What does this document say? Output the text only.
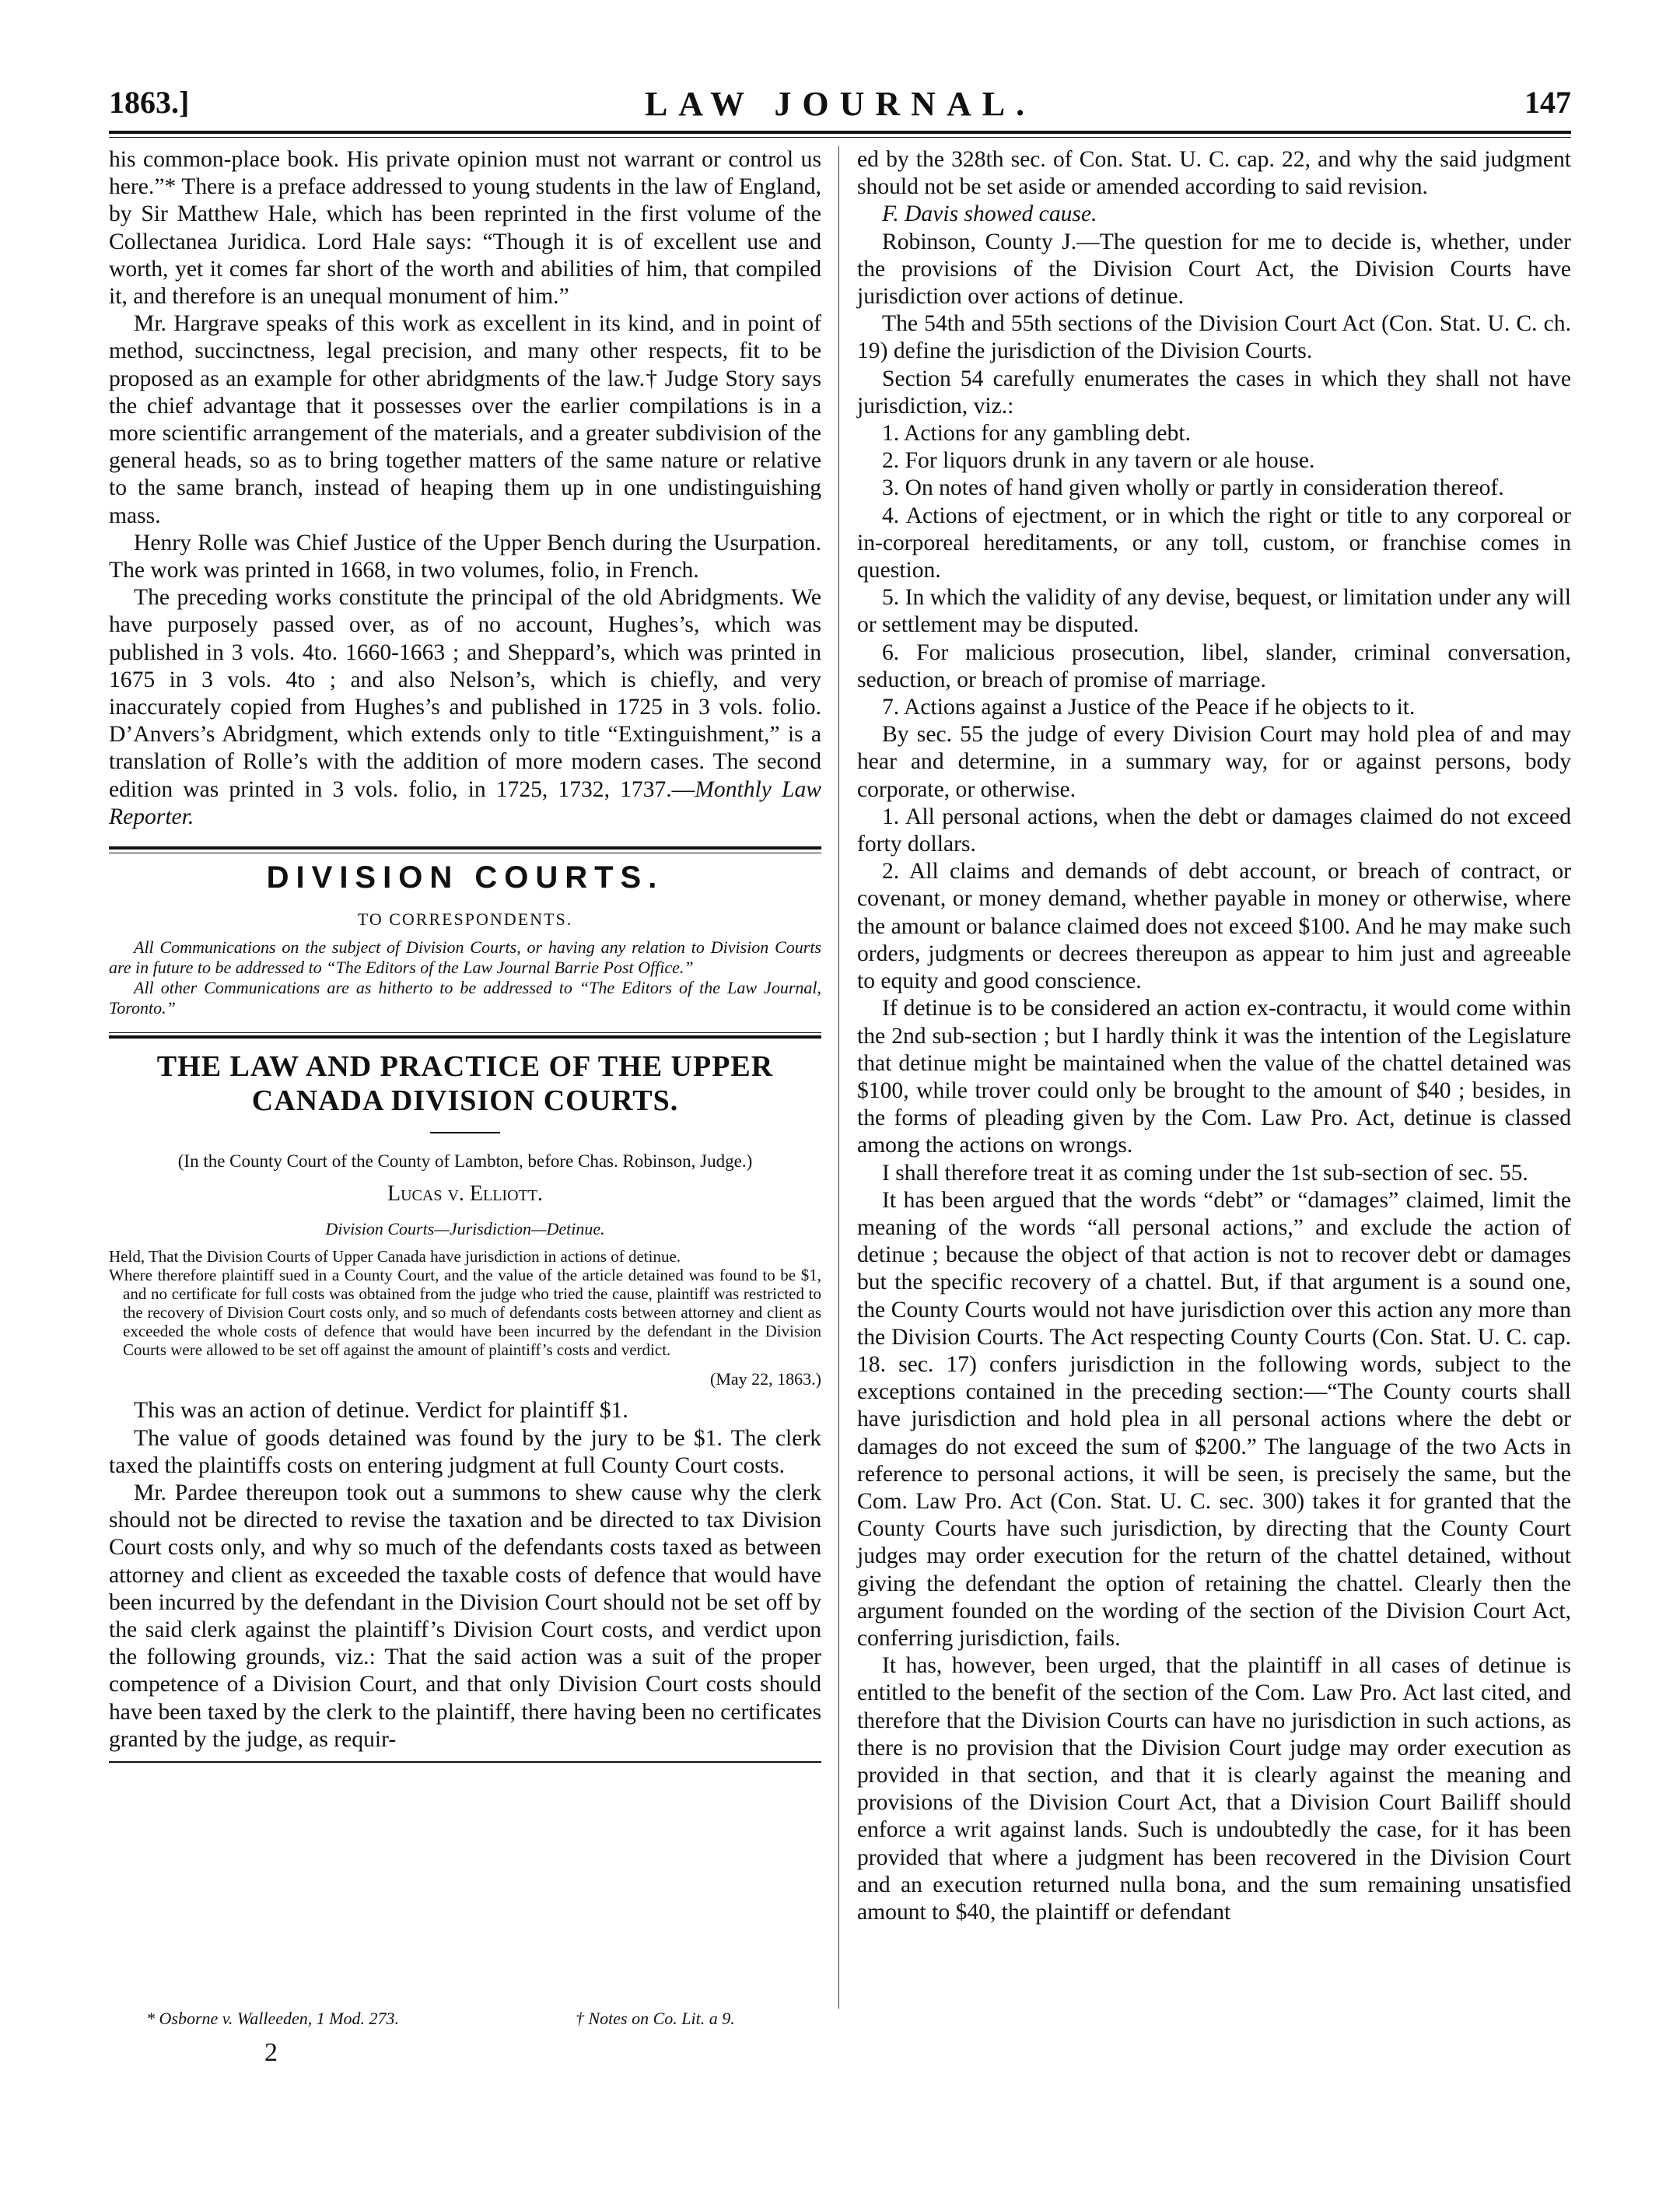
1863.]	LAW JOURNAL.	147

his common-place book. His private opinion must not warrant or control us here.”* There is a preface addressed to young students in the law of England, by Sir Matthew Hale, which has been reprinted in the first volume of the Collectanea Juridica. Lord Hale says: “Though it is of excellent use and worth, yet it comes far short of the worth and abilities of him, that compiled it, and therefore is an unequal monument of him.”

Mr. Hargrave speaks of this work as excellent in its kind, and in point of method, succinctness, legal precision, and many other respects, fit to be proposed as an example for other abridgments of the law.† Judge Story says the chief advantage that it possesses over the earlier compilations is in a more scientific arrangement of the materials, and a greater subdivision of the general heads, so as to bring together matters of the same nature or relative to the same branch, instead of heaping them up in one undistinguishing mass.

Henry Rolle was Chief Justice of the Upper Bench during the Usurpation. The work was printed in 1668, in two volumes, folio, in French.

The preceding works constitute the principal of the old Abridgments. We have purposely passed over, as of no account, Hughes’s, which was published in 3 vols. 4to. 1660-1663 ; and Sheppard’s, which was printed in 1675 in 3 vols. 4to ; and also Nelson’s, which is chiefly, and very inaccurately copied from Hughes’s and published in 1725 in 3 vols. folio. D’Anvers’s Abridgment, which extends only to title “Extinguishment,” is a translation of Rolle’s with the addition of more modern cases. The second edition was printed in 3 vols. folio, in 1725, 1732, 1737.—Monthly Law Reporter.

DIVISION COURTS.
TO CORRESPONDENTS.

All Communications on the subject of Division Courts, or having any relation to Division Courts are in future to be addressed to “The Editors of the Law Journal Barrie Post Office.”

All other Communications are as hitherto to be addressed to “The Editors of the Law Journal, Toronto.”

THE LAW AND PRACTICE OF THE UPPER CANADA DIVISION COURTS.
(In the County Court of the County of Lambton, before Chas. Robinson, Judge.)
Lucas v. Elliott.
Division Courts—Jurisdiction—Detinue.

Held, That the Division Courts of Upper Canada have jurisdiction in actions of detinue.

Where therefore plaintiff sued in a County Court, and the value of the article detained was found to be $1, and no certificate for full costs was obtained from the judge who tried the cause, plaintiff was restricted to the recovery of Division Court costs only, and so much of defendants costs between attorney and client as exceeded the whole costs of defence that would have been incurred by the defendant in the Division Courts were allowed to be set off against the amount of plaintiff’s costs and verdict.

(May 22, 1863.)

This was an action of detinue. Verdict for plaintiff $1.

The value of goods detained was found by the jury to be $1. The clerk taxed the plaintiffs costs on entering judgment at full County Court costs.

Mr. Pardee thereupon took out a summons to shew cause why the clerk should not be directed to revise the taxation and be directed to tax Division Court costs only, and why so much of the defendants costs taxed as between attorney and client as exceeded the taxable costs of defence that would have been incurred by the defendant in the Division Court should not be set off by the said clerk against the plaintiff’s Division Court costs, and verdict upon the following grounds, viz.: That the said action was a suit of the proper competence of a Division Court, and that only Division Court costs should have been taxed by the clerk to the plaintiff, there having been no certificates granted by the judge, as requir-

* Osborne v. Walleeden, 1 Mod. 273.	† Notes on Co. Lit. a 9.
2

ed by the 328th sec. of Con. Stat. U. C. cap. 22, and why the said judgment should not be set aside or amended according to said revision.

F. Davis showed cause.

Robinson, County J.—The question for me to decide is, whether, under the provisions of the Division Court Act, the Division Courts have jurisdiction over actions of detinue.

The 54th and 55th sections of the Division Court Act (Con. Stat. U. C. ch. 19) define the jurisdiction of the Division Courts.

Section 54 carefully enumerates the cases in which they shall not have jurisdiction, viz.:

1. Actions for any gambling debt.

2. For liquors drunk in any tavern or ale house.

3. On notes of hand given wholly or partly in consideration thereof.

4. Actions of ejectment, or in which the right or title to any corporeal or in-corporeal hereditaments, or any toll, custom, or franchise comes in question.

5. In which the validity of any devise, bequest, or limitation under any will or settlement may be disputed.

6. For malicious prosecution, libel, slander, criminal conversation, seduction, or breach of promise of marriage.

7. Actions against a Justice of the Peace if he objects to it.

By sec. 55 the judge of every Division Court may hold plea of and may hear and determine, in a summary way, for or against persons, body corporate, or otherwise.

1. All personal actions, when the debt or damages claimed do not exceed forty dollars.

2. All claims and demands of debt account, or breach of contract, or covenant, or money demand, whether payable in money or otherwise, where the amount or balance claimed does not exceed $100. And he may make such orders, judgments or decrees thereupon as appear to him just and agreeable to equity and good conscience.

If detinue is to be considered an action ex-contractu, it would come within the 2nd sub-section ; but I hardly think it was the intention of the Legislature that detinue might be maintained when the value of the chattel detained was $100, while trover could only be brought to the amount of $40 ; besides, in the forms of pleading given by the Com. Law Pro. Act, detinue is classed among the actions on wrongs.

I shall therefore treat it as coming under the 1st sub-section of sec. 55.

It has been argued that the words “debt” or “damages” claimed, limit the meaning of the words “all personal actions,” and exclude the action of detinue ; because the object of that action is not to recover debt or damages but the specific recovery of a chattel. But, if that argument is a sound one, the County Courts would not have jurisdiction over this action any more than the Division Courts. The Act respecting County Courts (Con. Stat. U. C. cap. 18. sec. 17) confers jurisdiction in the following words, subject to the exceptions contained in the preceding section:—“The County courts shall have jurisdiction and hold plea in all personal actions where the debt or damages do not exceed the sum of $200.” The language of the two Acts in reference to personal actions, it will be seen, is precisely the same, but the Com. Law Pro. Act (Con. Stat. U. C. sec. 300) takes it for granted that the County Courts have such jurisdiction, by directing that the County Court judges may order execution for the return of the chattel detained, without giving the defendant the option of retaining the chattel. Clearly then the argument founded on the wording of the section of the Division Court Act, conferring jurisdiction, fails.

It has, however, been urged, that the plaintiff in all cases of detinue is entitled to the benefit of the section of the Com. Law Pro. Act last cited, and therefore that the Division Courts can have no jurisdiction in such actions, as there is no provision that the Division Court judge may order execution as provided in that section, and that it is clearly against the meaning and provisions of the Division Court Act, that a Division Court Bailiff should enforce a writ against lands. Such is undoubtedly the case, for it has been provided that where a judgment has been recovered in the Division Court and an execution returned nulla bona, and the sum remaining unsatisfied amount to $40, the plaintiff or defendant
